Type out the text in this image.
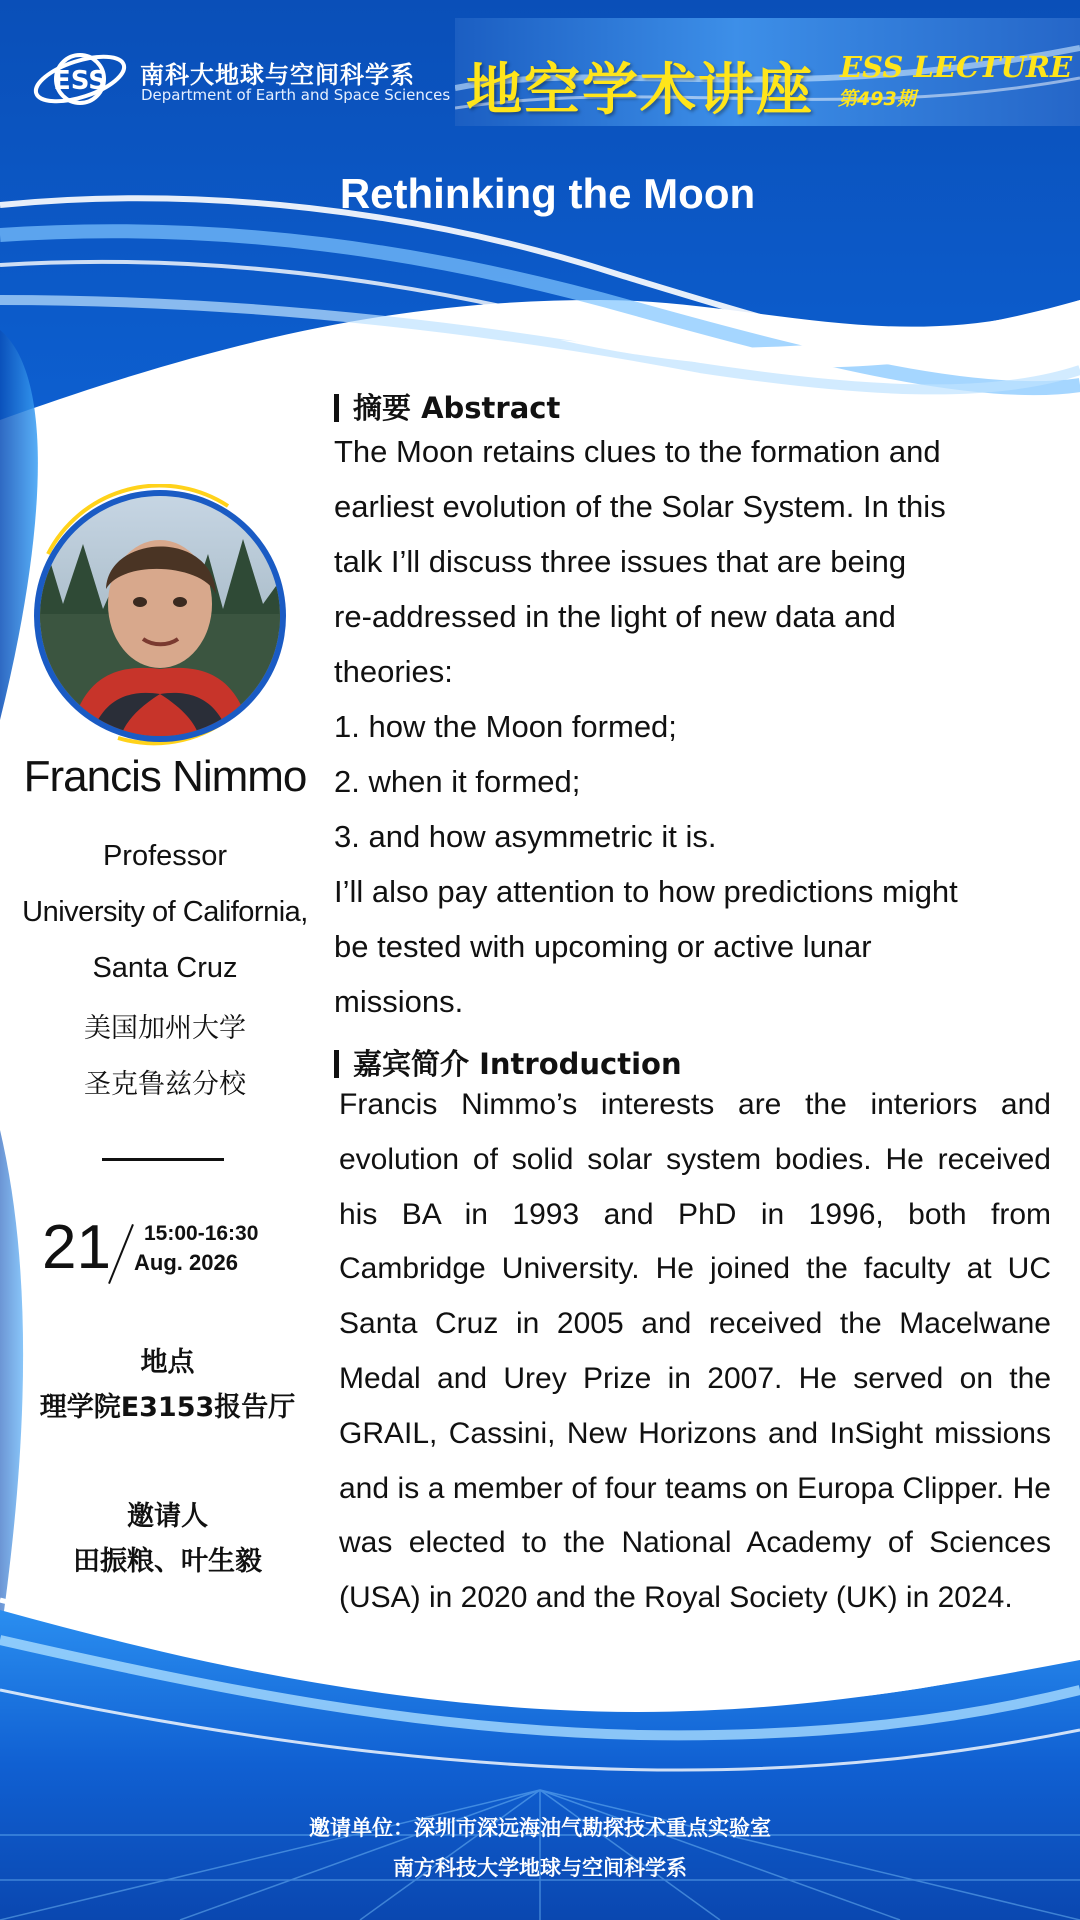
ESS 南科大地球与空间科学系
Department of Earth and Space Sciences 地空学术讲座 ESS LECTURE
第493期
Rethinking the Moon
Francis Nimmo
Professor
University of California,
Santa Cruz
美国加州大学
圣克鲁兹分校
21 15:00-16:30
Aug. 2026
地点
理学院E3153报告厅
邀请人
田振粮、叶生毅
摘要 Abstract
The Moon retains clues to the formation and
earliest evolution of the Solar System. In this
talk I’ll discuss three issues that are being
re-addressed in the light of new data and
theories:
1. how the Moon formed;
2. when it formed;
3. and how asymmetric it is.
I’ll also pay attention to how predictions might
be tested with upcoming or active lunar
missions.
嘉宾简介 Introduction
Francis Nimmo’s interests are the interiors and evolution of solid solar system bodies. He received his BA in 1993 and PhD in 1996, both from Cambridge University. He joined the faculty at UC Santa Cruz in 2005 and received the Macelwane Medal and Urey Prize in 2007. He served on the GRAIL, Cassini, New Horizons and InSight missions and is a member of four teams on Europa Clipper. He was elected to the National Academy of Sciences (USA) in 2020 and the Royal Society (UK) in 2024.
邀请单位：深圳市深远海油气勘探技术重点实验室
南方科技大学地球与空间科学系
